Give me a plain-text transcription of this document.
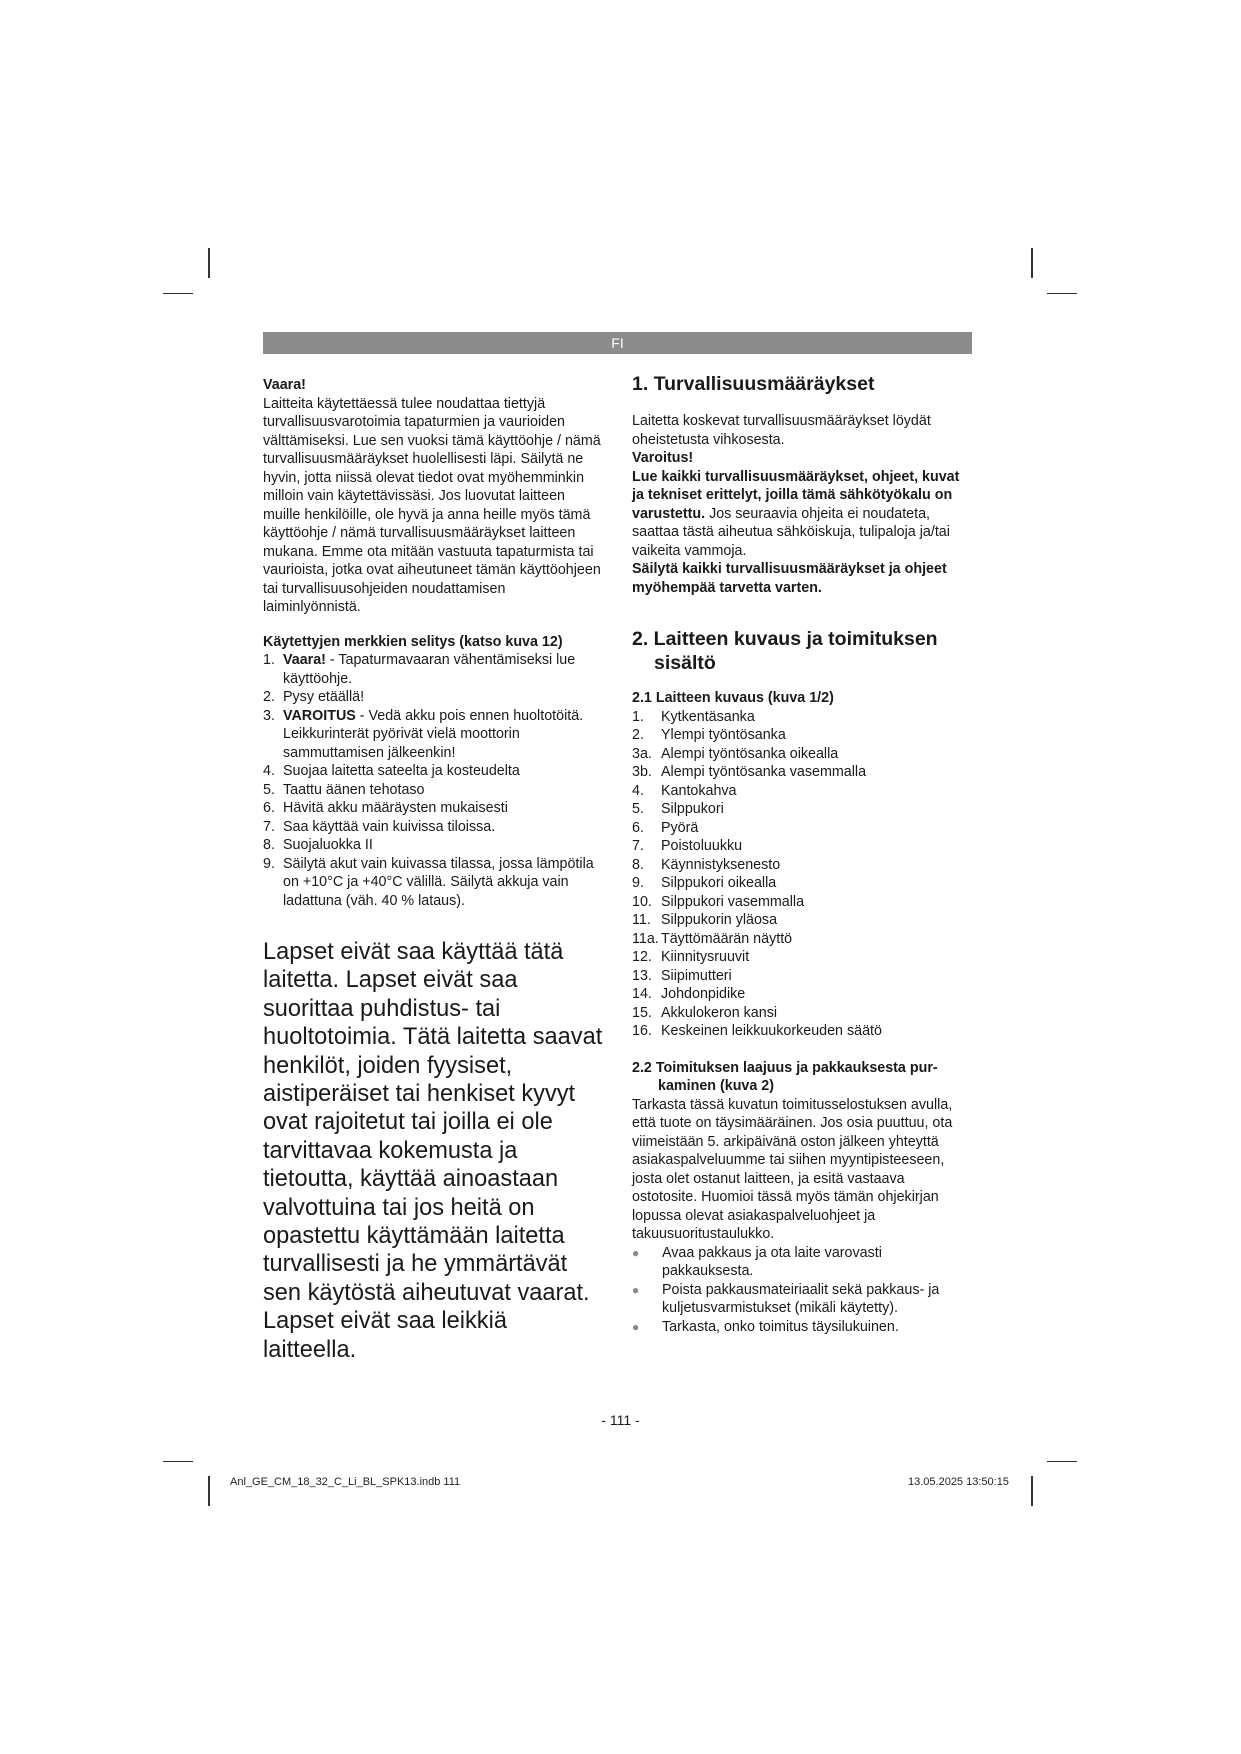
FI

Vaara!

Laitteita käytettäessä tulee noudattaa tiettyjä turvallisuusvarotoimia tapaturmien ja vaurioiden välttämiseksi. Lue sen vuoksi tämä käyttöohje / nämä turvallisuusmääräykset huolellisesti läpi. Säilytä ne hyvin, jotta niissä olevat tiedot ovat myöhemminkin milloin vain käytettävissäsi. Jos luovutat laitteen muille henkilöille, ole hyvä ja anna heille myös tämä käyttöohje / nämä turvallisuusmääräykset laitteen mukana. Emme ota mitään vastuuta tapaturmista tai vaurioista, jotka ovat aiheutuneet tämän käyttöohjeen tai turvallisuusohjeiden noudattamisen laiminlyönnistä.

Käytettyjen merkkien selitys (katso kuva 12)

1. Vaara! - Tapaturmavaaran vähentämiseksi lue käyttöohje.
2. Pysy etäällä!
3. VAROITUS - Vedä akku pois ennen huoltotöitä. Leikkurinterät pyörivät vielä moottorin sammuttamisen jälkeenkin!
4. Suojaa laitetta sateelta ja kosteudelta
5. Taattu äänen tehotaso
6. Hävitä akku määräysten mukaisesti
7. Saa käyttää vain kuivissa tiloissa.
8. Suojaluokka II
9. Säilytä akut vain kuivassa tilassa, jossa lämpötila on +10°C ja +40°C välillä. Säilytä akkuja vain ladattuna (väh. 40 % lataus).

Lapset eivät saa käyttää tätä laitetta. Lapset eivät saa suorittaa puhdistus- tai huoltotoimia. Tätä laitetta saavat henkilöt, joiden fyysiset, aistiperäiset tai henkiset kyvyt ovat rajoitetut tai joilla ei ole tarvittavaa kokemusta ja tietoutta, käyttää ainoastaan valvottuina tai jos heitä on opastettu käyttämään laitetta turvallisesti ja he ymmärtävät sen käytöstä aiheutuvat vaarat. Lapset eivät saa leikkiä laitteella.

1. Turvallisuusmääräykset

Laitetta koskevat turvallisuusmääräykset löydät oheistetusta vihkosesta.

Varoitus!

Lue kaikki turvallisuusmääräykset, ohjeet, kuvat ja tekniset erittelyt, joilla tämä sähkötyökalu on varustettu. Jos seuraavia ohjeita ei noudateta, saattaa tästä aiheutua sähköiskuja, tulipaloja ja/tai vaikeita vammoja.

Säilytä kaikki turvallisuusmääräykset ja ohjeet myöhempää tarvetta varten.

2. Laitteen kuvaus ja toimituksen
sisältö
2.1 Laitteen kuvaus (kuva 1/2)
1.	Kytkentäsanka
2.	Ylempi työntösanka
3a. Alempi työntösanka oikealla
3b. Alempi työntösanka vasemmalla
4.	Kantokahva
5.	Silppukori
6.	Pyörä
7.	Poistoluukku
8.	Käynnistyksenesto
9.	Silppukori oikealla
10. Silppukori vasemmalla
11. Silppukorin yläosa
11a. Täyttömäärän näyttö
12. Kiinnitysruuvit
13. Siipimutteri
14. Johdonpidike
15. Akkulokeron kansi
16. Keskeinen leikkuukorkeuden säätö
2.2 Toimituksen laajuus ja pakkauksesta pur-
kaminen (kuva 2)

Tarkasta tässä kuvatun toimitusselostuksen avulla, että tuote on täysimääräinen. Jos osia puuttuu, ota viimeistään 5. arkipäivänä oston jälkeen yhteyttä asiakaspalveluumme tai siihen myyntipisteeseen, josta olet ostanut laitteen, ja esitä vastaava ostotosite. Huomioi tässä myös tämän ohjekirjan lopussa olevat asiakaspalveluohjeet ja takuusuoritustaulukko.

●	Avaa pakkaus ja ota laite varovasti pakkauksesta.
●	Poista pakkausmateiriaalit sekä pakkaus- ja kuljetusvarmistukset (mikäli käytetty).
●	Tarkasta, onko toimitus täysilukuinen.
- 111 -
Anl_GE_CM_18_32_C_Li_BL_SPK13.indb 111	13.05.2025 13:50:15
